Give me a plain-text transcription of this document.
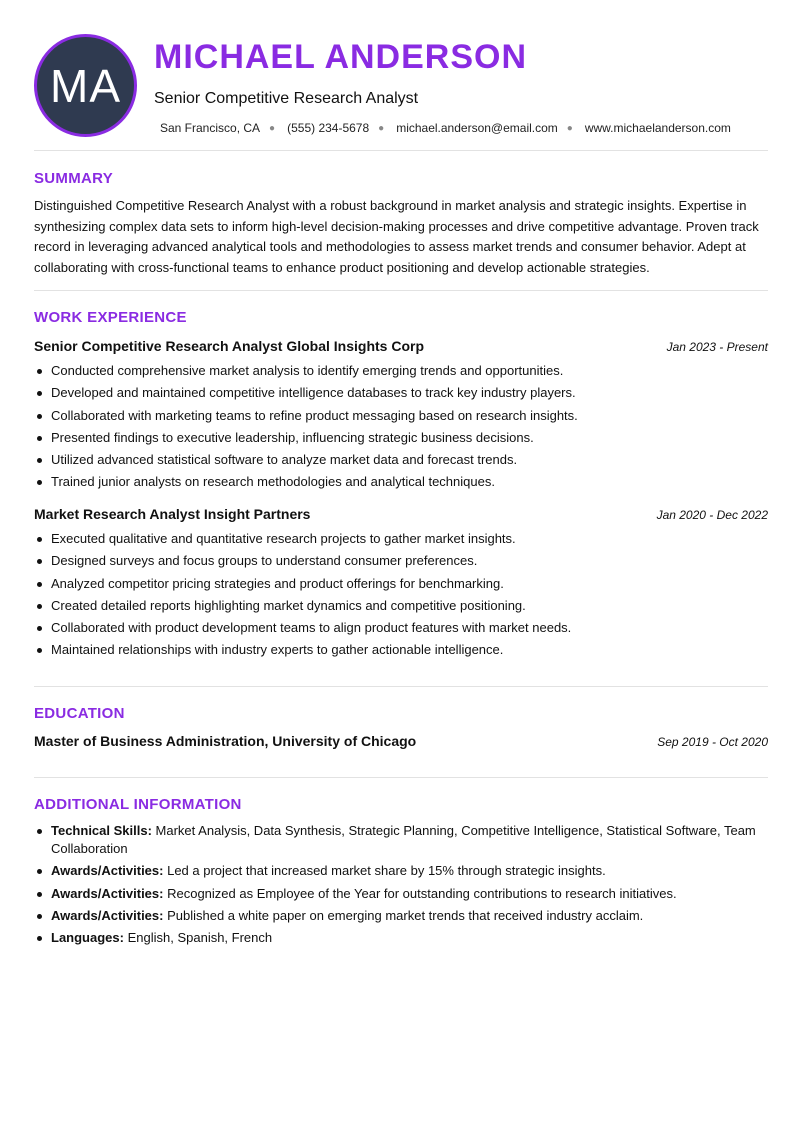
MA
MICHAEL ANDERSON
Senior Competitive Research Analyst
San Francisco, CA ● (555) 234-5678 ● michael.anderson@email.com ● www.michaelanderson.com
SUMMARY
Distinguished Competitive Research Analyst with a robust background in market analysis and strategic insights. Expertise in synthesizing complex data sets to inform high-level decision-making processes and drive competitive advantage. Proven track record in leveraging advanced analytical tools and methodologies to assess market trends and consumer behavior. Adept at collaborating with cross-functional teams to enhance product positioning and develop actionable strategies.
WORK EXPERIENCE
Senior Competitive Research Analyst Global Insights Corp	Jan 2023 - Present
Conducted comprehensive market analysis to identify emerging trends and opportunities.
Developed and maintained competitive intelligence databases to track key industry players.
Collaborated with marketing teams to refine product messaging based on research insights.
Presented findings to executive leadership, influencing strategic business decisions.
Utilized advanced statistical software to analyze market data and forecast trends.
Trained junior analysts on research methodologies and analytical techniques.
Market Research Analyst Insight Partners	Jan 2020 - Dec 2022
Executed qualitative and quantitative research projects to gather market insights.
Designed surveys and focus groups to understand consumer preferences.
Analyzed competitor pricing strategies and product offerings for benchmarking.
Created detailed reports highlighting market dynamics and competitive positioning.
Collaborated with product development teams to align product features with market needs.
Maintained relationships with industry experts to gather actionable intelligence.
EDUCATION
Master of Business Administration, University of Chicago	Sep 2019 - Oct 2020
ADDITIONAL INFORMATION
Technical Skills: Market Analysis, Data Synthesis, Strategic Planning, Competitive Intelligence, Statistical Software, Team Collaboration
Awards/Activities: Led a project that increased market share by 15% through strategic insights.
Awards/Activities: Recognized as Employee of the Year for outstanding contributions to research initiatives.
Awards/Activities: Published a white paper on emerging market trends that received industry acclaim.
Languages: English, Spanish, French
